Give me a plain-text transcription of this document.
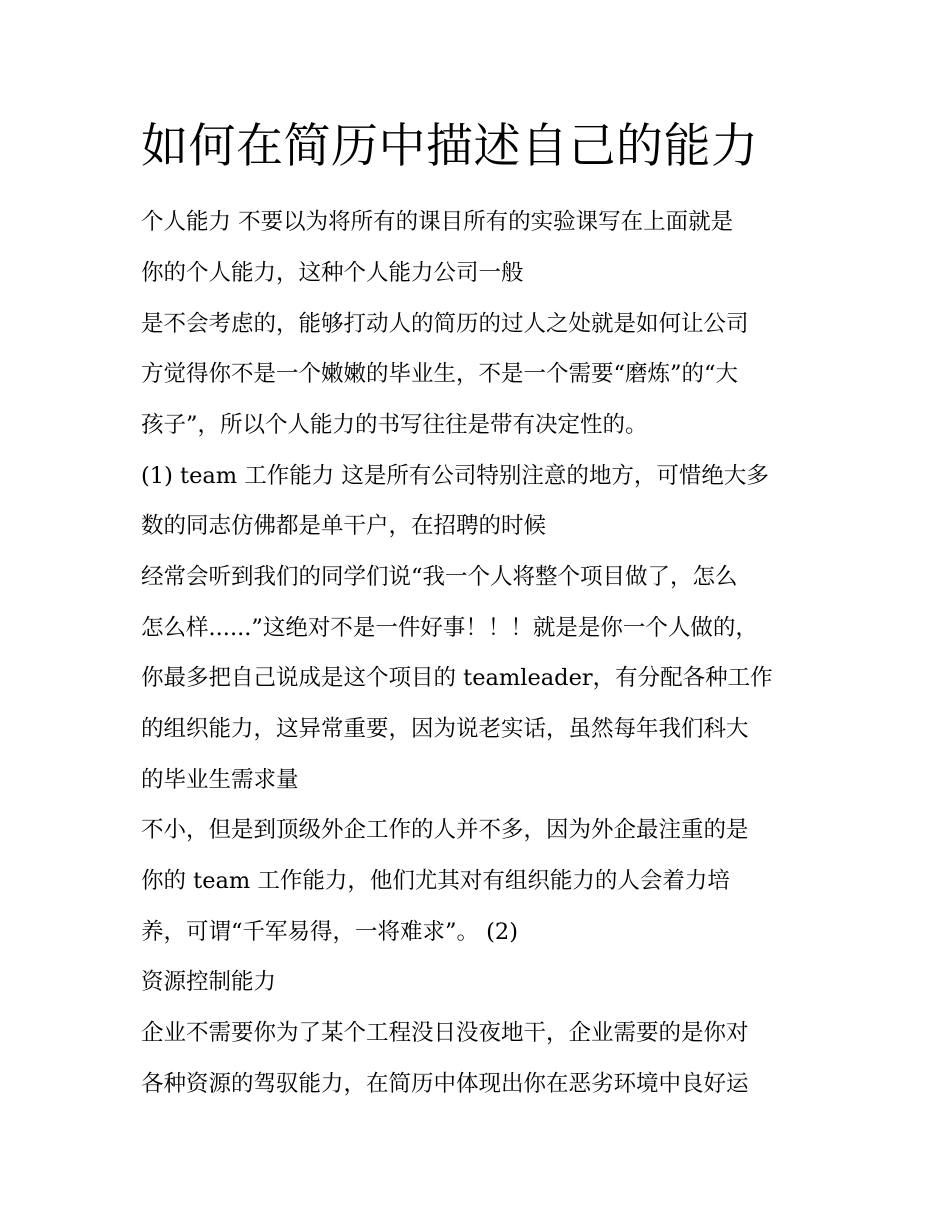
如何在简历中描述自己的能力

个人能力 不要以为将所有的课目所有的实验课写在上面就是

你的个人能力，这种个人能力公司一般

是不会考虑的，能够打动人的简历的过人之处就是如何让公司

方觉得你不是一个嫩嫩的毕业生，不是一个需要“磨炼”的“大

孩子”，所以个人能力的书写往往是带有决定性的。

(1) team 工作能力 这是所有公司特别注意的地方，可惜绝大多

数的同志仿佛都是单干户，在招聘的时候

经常会听到我们的同学们说“我一个人将整个项目做了，怎么

怎么样......”这绝对不是一件好事！！！就是是你一个人做的，

你最多把自己说成是这个项目的 teamleader，有分配各种工作

的组织能力，这异常重要，因为说老实话，虽然每年我们科大

的毕业生需求量

不小，但是到顶级外企工作的人并不多，因为外企最注重的是

你的 team 工作能力，他们尤其对有组织能力的人会着力培

养，可谓“千军易得，一将难求”。 (2)

资源控制能力

企业不需要你为了某个工程没日没夜地干，企业需要的是你对

各种资源的驾驭能力，在简历中体现出你在恶劣环境中良好运
